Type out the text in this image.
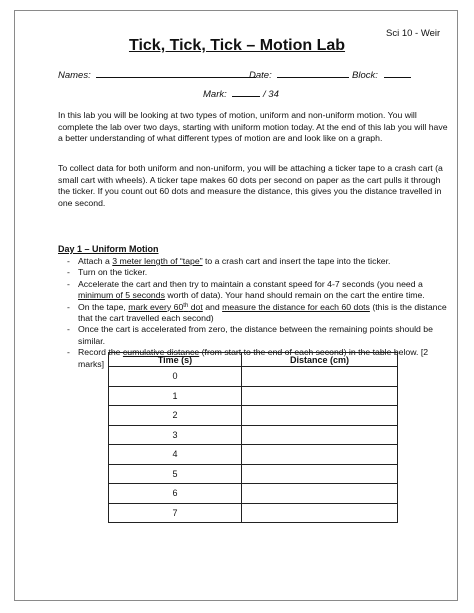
Sci 10 - Weir
Tick, Tick, Tick – Motion Lab
Names:	Date:	Block:
Mark:	/ 34
In this lab you will be looking at two types of motion, uniform and non-uniform motion. You will complete the lab over two days, starting with uniform motion today. At the end of this lab you will have a better understanding of what different types of motion are and look like on a graph.
To collect data for both uniform and non-uniform, you will be attaching a ticker tape to a crash cart (a small cart with wheels). A ticker tape makes 60 dots per second on paper as the cart pulls it through the ticker. If you count out 60 dots and measure the distance, this gives you the distance travelled in one second.
Day 1 – Uniform Motion
- Attach a 3 meter length of “tape” to a crash cart and insert the tape into the ticker.
- Turn on the ticker.
- Accelerate the cart and then try to maintain a constant speed for 4-7 seconds (you need a minimum of 5 seconds worth of data). Your hand should remain on the cart the entire time.
- On the tape, mark every 60th dot and measure the distance for each 60 dots (this is the distance that the cart travelled each second)
- Once the cart is accelerated from zero, the distance between the remaining points should be similar.
- Record the cumulative distance (from start to the end of each second) in the table below. [2 marks]	Time (s)	Distance (cm)
0	
1	
2	
3	
4	
5	
6	
7	
